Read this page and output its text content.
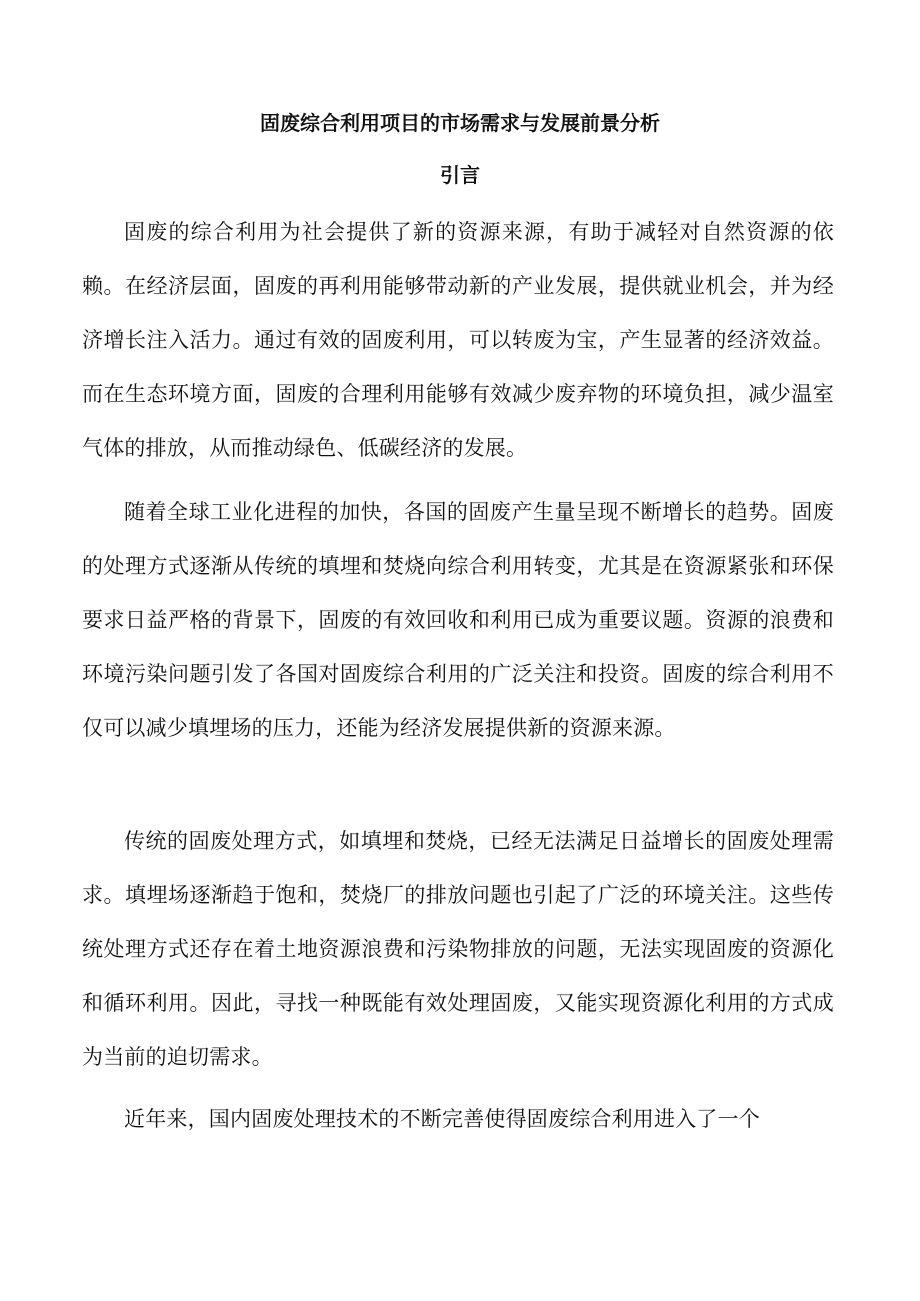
固废综合利用项目的市场需求与发展前景分析
引言

固废的综合利用为社会提供了新的资源来源，有助于减轻对自然资源的依赖。在经济层面，固废的再利用能够带动新的产业发展，提供就业机会，并为经济增长注入活力。通过有效的固废利用，可以转废为宝，产生显著的经济效益。而在生态环境方面，固废的合理利用能够有效减少废弃物的环境负担，减少温室气体的排放，从而推动绿色、低碳经济的发展。

随着全球工业化进程的加快，各国的固废产生量呈现不断增长的趋势。固废的处理方式逐渐从传统的填埋和焚烧向综合利用转变，尤其是在资源紧张和环保要求日益严格的背景下，固废的有效回收和利用已成为重要议题。资源的浪费和环境污染问题引发了各国对固废综合利用的广泛关注和投资。固废的综合利用不仅可以减少填埋场的压力，还能为经济发展提供新的资源来源。

传统的固废处理方式，如填埋和焚烧，已经无法满足日益增长的固废处理需求。填埋场逐渐趋于饱和，焚烧厂的排放问题也引起了广泛的环境关注。这些传统处理方式还存在着土地资源浪费和污染物排放的问题，无法实现固废的资源化和循环利用。因此，寻找一种既能有效处理固废，又能实现资源化利用的方式成为当前的迫切需求。

近年来，国内固废处理技术的不断完善使得固废综合利用进入了一个
